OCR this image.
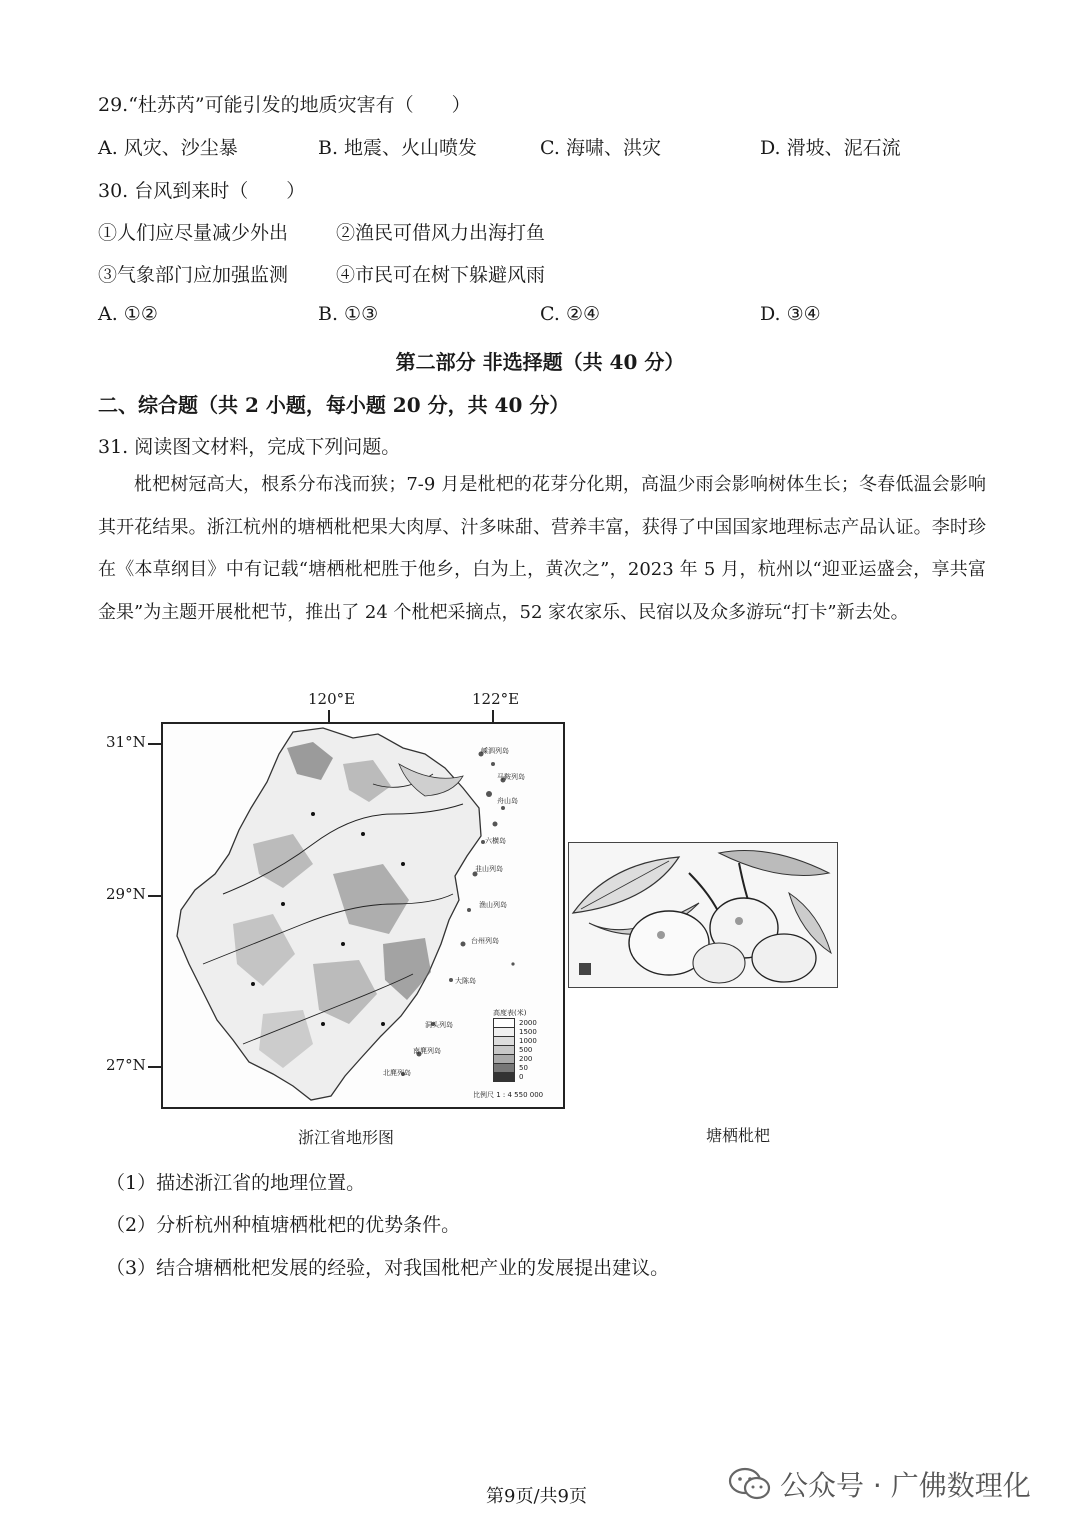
29.“杜苏芮”可能引发的地质灾害有（　　）
A. 风灾、沙尘暴	B. 地震、火山喷发	C. 海啸、洪灾	D. 滑坡、泥石流
30. 台风到来时（　　）
①人们应尽量减少外出	②渔民可借风力出海打鱼
③气象部门应加强监测	④市民可在树下躲避风雨
A. ①②	B. ①③	C. ②④	D. ③④
第二部分 非选择题（共 40 分）
二、综合题（共 2 小题，每小题 20 分，共 40 分）
31. 阅读图文材料，完成下列问题。

枇杷树冠高大，根系分布浅而狭；7-9 月是枇杷的花芽分化期，高温少雨会影响树体生长；冬春低温会影响其开花结果。浙江杭州的塘栖枇杷果大肉厚、汁多味甜、营养丰富，获得了中国国家地理标志产品认证。李时珍在《本草纲目》中有记载“塘栖枇杷胜于他乡，白为上，黄次之”，2023 年 5 月，杭州以“迎亚运盛会，享共富金果”为主题开展枇杷节，推出了 24 个枇杷采摘点，52 家农家乐、民宿以及众多游玩“打卡”新去处。

120°E	122°E
31°N
29°N
27°N
嵊泗列岛
马鞍列岛
舟山岛
六横岛
韭山列岛
渔山列岛
台州列岛
洞头列岛
南麂列岛
北麂列岛
大陈岛
高度表(米)
2000
1500
1000
500
200
50
0
比例尺 1 : 4 550 000
浙江省地形图	塘栖枇杷
（1）描述浙江省的地理位置。
（2）分析杭州种植塘栖枇杷的优势条件。
（3）结合塘栖枇杷发展的经验，对我国枇杷产业的发展提出建议。
第9页/共9页	公众号 · 广佛数理化
